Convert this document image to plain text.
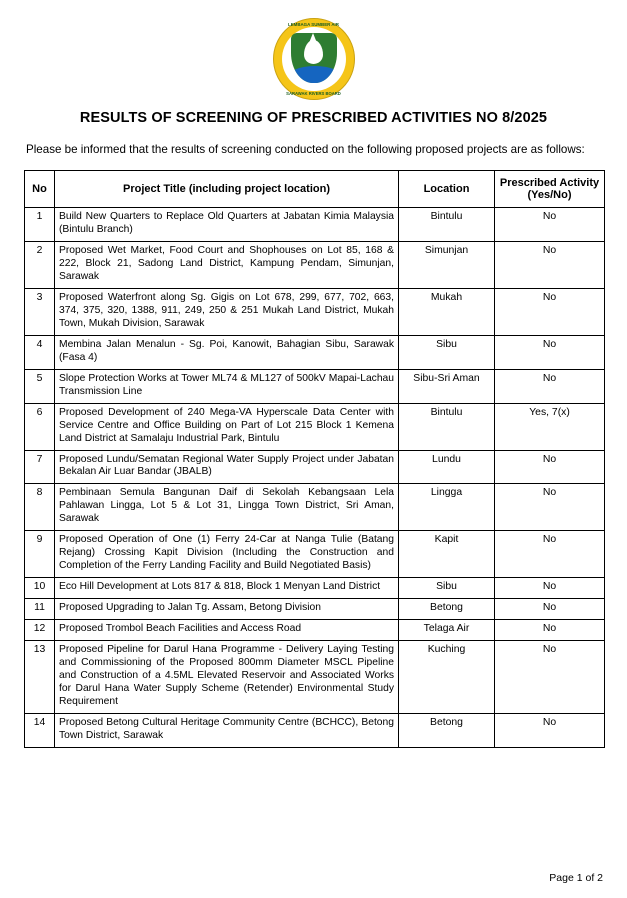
LEMBAGA SUMBER AIR
SARAWAK RIVERS BOARD
RESULTS OF SCREENING OF PRESCRIBED ACTIVITIES NO 8/2025

Please be informed that the results of screening conducted on the following proposed projects are as follows:

No	Project Title (including project location)	Location	Prescribed Activity (Yes/No)
1	Build New Quarters to Replace Old Quarters at Jabatan Kimia Malaysia (Bintulu Branch)	Bintulu	No
2	Proposed Wet Market, Food Court and Shophouses on Lot 85, 168 & 222, Block 21, Sadong Land District, Kampung Pendam, Simunjan, Sarawak	Simunjan	No
3	Proposed Waterfront along Sg. Gigis on Lot 678, 299, 677, 702, 663, 374, 375, 320, 1388, 911, 249, 250 & 251 Mukah Land District, Mukah Town, Mukah Division, Sarawak	Mukah	No
4	Membina Jalan Menalun - Sg. Poi, Kanowit, Bahagian Sibu, Sarawak (Fasa 4)	Sibu	No
5	Slope Protection Works at Tower ML74 & ML127 of 500kV Mapai-Lachau Transmission Line	Sibu-Sri Aman	No
6	Proposed Development of 240 Mega-VA Hyperscale Data Center with Service Centre and Office Building on Part of Lot 215 Block 1 Kemena Land District at Samalaju Industrial Park, Bintulu	Bintulu	Yes, 7(x)
7	Proposed Lundu/Sematan Regional Water Supply Project under Jabatan Bekalan Air Luar Bandar (JBALB)	Lundu	No
8	Pembinaan Semula Bangunan Daif di Sekolah Kebangsaan Lela Pahlawan Lingga, Lot 5 & Lot 31, Lingga Town District, Sri Aman, Sarawak	Lingga	No
9	Proposed Operation of One (1) Ferry 24-Car at Nanga Tulie (Batang Rejang) Crossing Kapit Division (Including the Construction and Completion of the Ferry Landing Facility and Build Negotiated Basis)	Kapit	No
10	Eco Hill Development at Lots 817 & 818, Block 1 Menyan Land District	Sibu	No
11	Proposed Upgrading to Jalan Tg. Assam, Betong Division	Betong	No
12	Proposed Trombol Beach Facilities and Access Road	Telaga Air	No
13	Proposed Pipeline for Darul Hana Programme - Delivery Laying Testing and Commissioning of the Proposed 800mm Diameter MSCL Pipeline and Construction of a 4.5ML Elevated Reservoir and Associated Works for Darul Hana Water Supply Scheme (Retender) Environmental Study Requirement	Kuching	No
14	Proposed Betong Cultural Heritage Community Centre (BCHCC), Betong Town District, Sarawak	Betong	No
Page 1 of 2
